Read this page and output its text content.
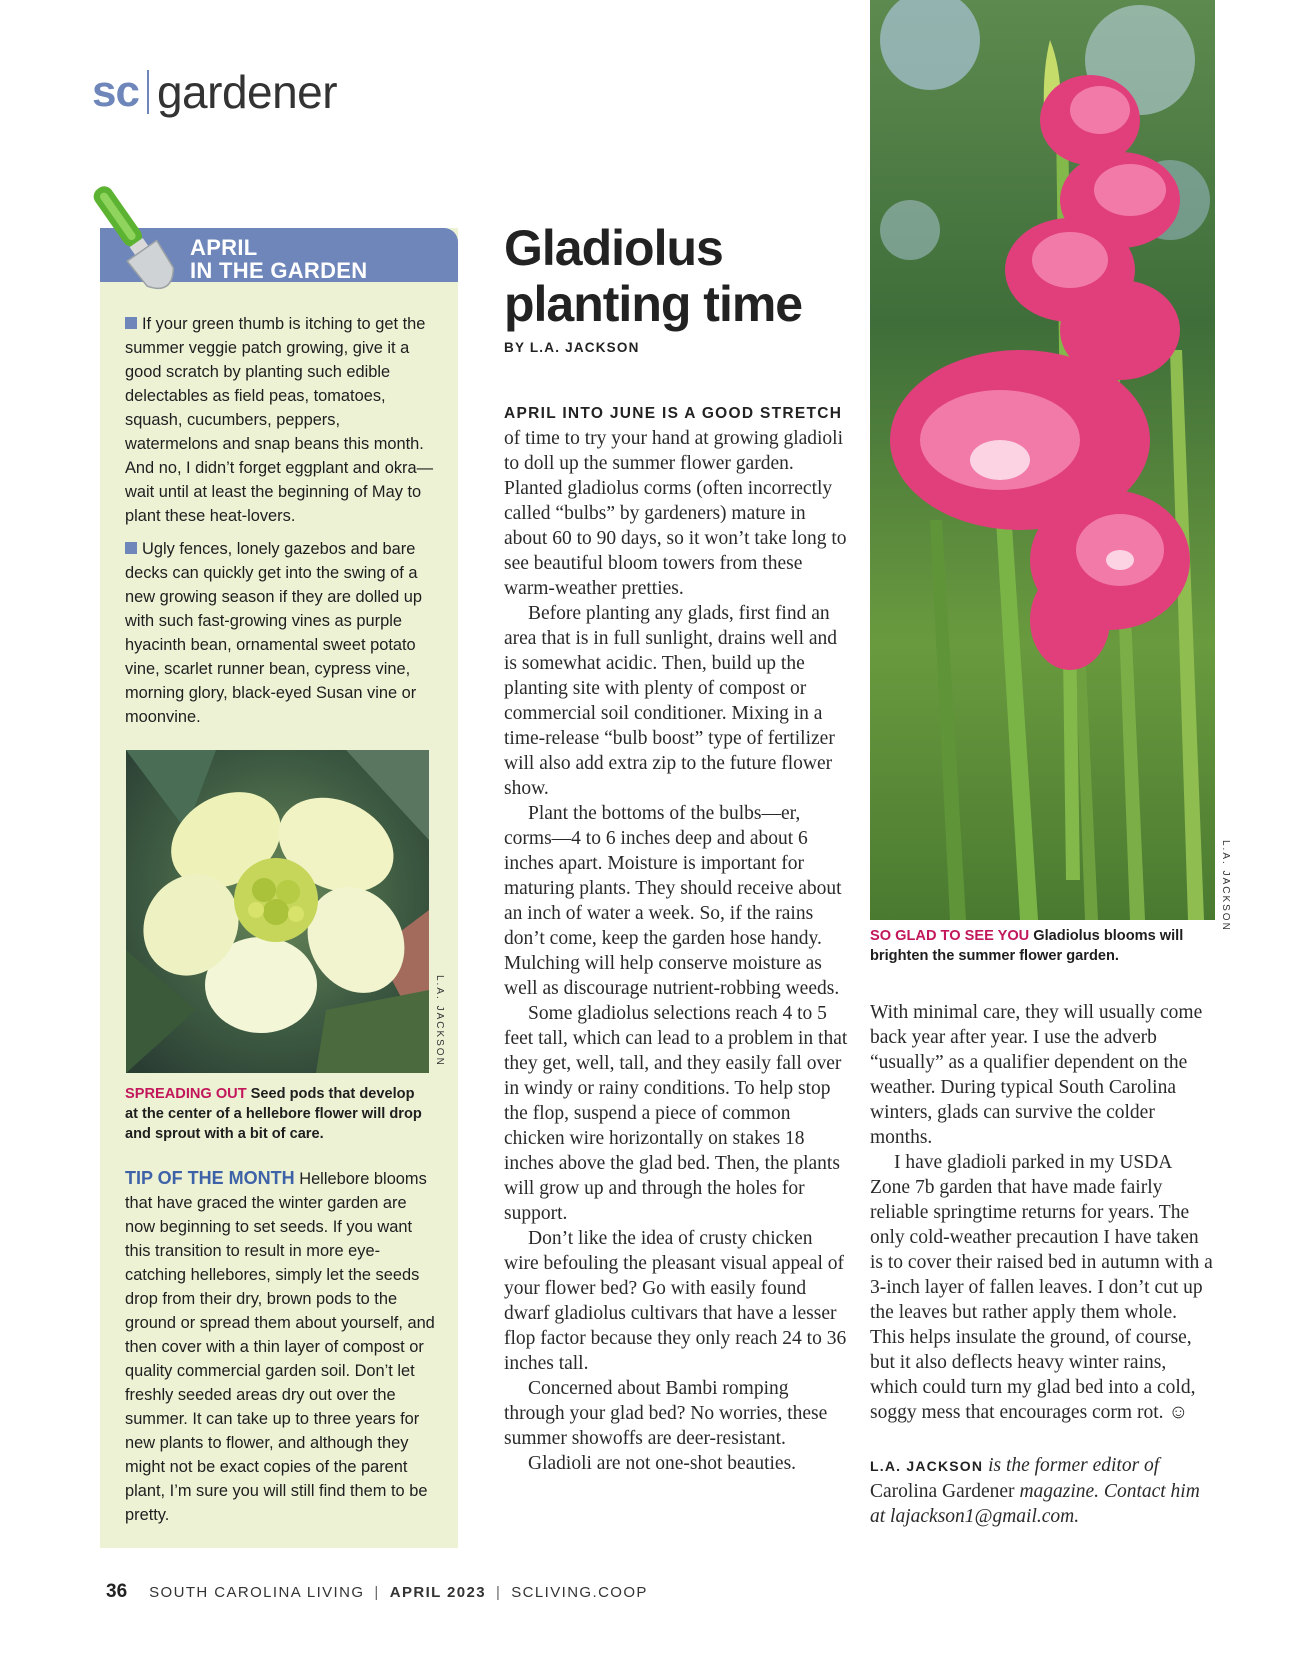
sc gardener
APRIL
IN THE GARDEN

If your green thumb is itching to get the summer veggie patch growing, give it a good scratch by planting such edible delectables as field peas, tomatoes, squash, cucumbers, peppers, watermelons and snap beans this month. And no, I didn’t forget eggplant and okra—wait until at least the beginning of May to plant these heat-lovers.

Ugly fences, lonely gazebos and bare decks can quickly get into the swing of a new growing season if they are dolled up with such fast-growing vines as purple hyacinth bean, ornamental sweet potato vine, scarlet runner bean, cypress vine, morning glory, black-eyed Susan vine or moonvine.

L.A. JACKSON
SPREADING OUT Seed pods that develop at the center of a hellebore flower will drop and sprout with a bit of care.
TIP OF THE MONTH Hellebore blooms that have graced the winter garden are now beginning to set seeds. If you want this transition to result in more eye-catching hellebores, simply let the seeds drop from their dry, brown pods to the ground or spread them about yourself, and then cover with a thin layer of compost or quality commercial garden soil. Don’t let freshly seeded areas dry out over the summer. It can take up to three years for new plants to flower, and although they might not be exact copies of the parent plant, I’m sure you will still find them to be pretty.
Gladiolus
planting time
BY L.A. JACKSON

APRIL INTO JUNE IS A GOOD STRETCH
of time to try your hand at growing gladioli to doll up the summer flower garden. Planted gladiolus corms (often incorrectly called “bulbs” by gardeners) mature in about 60 to 90 days, so it won’t take long to see beautiful bloom towers from these warm-weather pretties.

Before planting any glads, first find an area that is in full sunlight, drains well and is somewhat acidic. Then, build up the planting site with plenty of compost or commercial soil conditioner. Mixing in a time-release “bulb boost” type of fertilizer will also add extra zip to the future flower show.

Plant the bottoms of the bulbs—er, corms—4 to 6 inches deep and about 6 inches apart. Moisture is important for maturing plants. They should receive about an inch of water a week. So, if the rains don’t come, keep the garden hose handy. Mulching will help conserve moisture as well as discourage nutrient-robbing weeds.

Some gladiolus selections reach 4 to 5 feet tall, which can lead to a problem in that they get, well, tall, and they easily fall over in windy or rainy conditions. To help stop the flop, suspend a piece of common chicken wire horizontally on stakes 18 inches above the glad bed. Then, the plants will grow up and through the holes for support.

Don’t like the idea of crusty chicken wire befouling the pleasant visual appeal of your flower bed? Go with easily found dwarf gladiolus cultivars that have a lesser flop factor because they only reach 24 to 36 inches tall.

Concerned about Bambi romping through your glad bed? No worries, these summer showoffs are deer-resistant.

Gladioli are not one-shot beauties.

L.A. JACKSON
SO GLAD TO SEE YOU Gladiolus blooms will brighten the summer flower garden.

With minimal care, they will usually come back year after year. I use the adverb “usually” as a qualifier dependent on the weather. During typical South Carolina winters, glads can survive the colder months.

I have gladioli parked in my USDA Zone 7b garden that have made fairly reliable springtime returns for years. The only cold-weather precaution I have taken is to cover their raised bed in autumn with a 3-inch layer of fallen leaves. I don’t cut up the leaves but rather apply them whole. This helps insulate the ground, of course, but it also deflects heavy winter rains, which could turn my glad bed into a cold, soggy mess that encourages corm rot. ☺

L.A. JACKSON is the former editor of Carolina Gardener magazine. Contact him at lajackson1@gmail.com.

36 SOUTH CAROLINA LIVING | APRIL 2023 | SCLIVING.COOP
